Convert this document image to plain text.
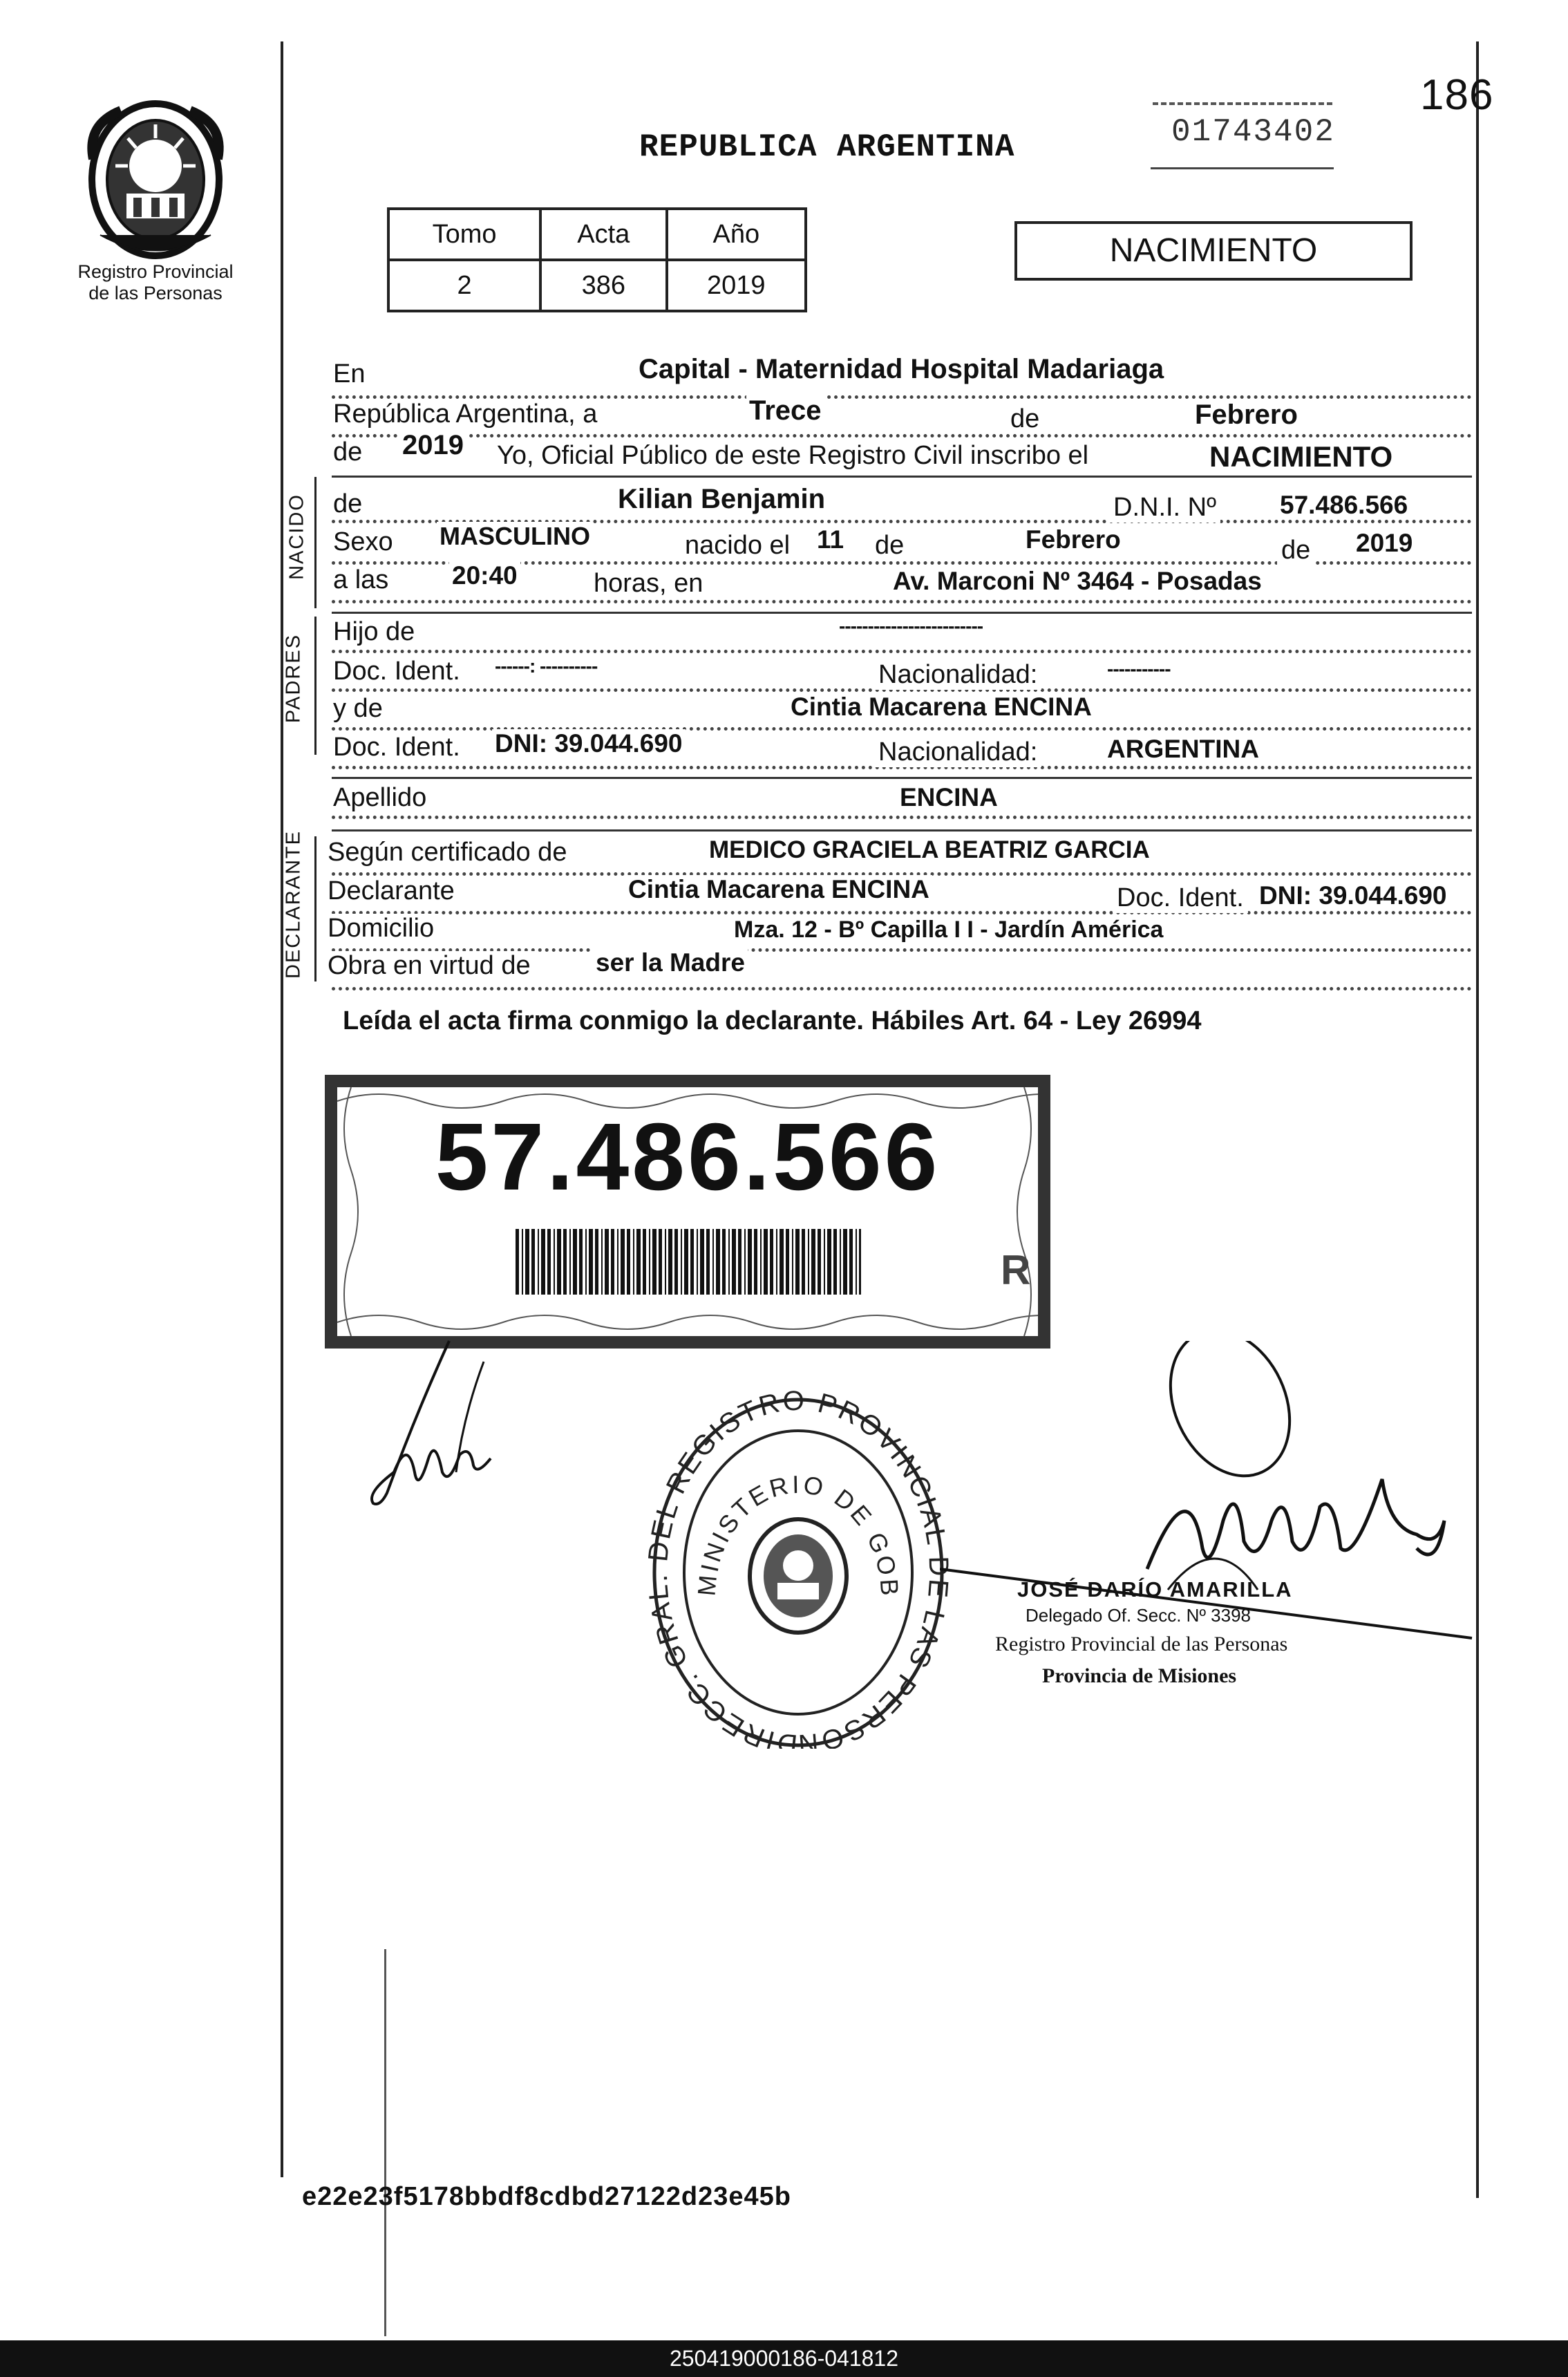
Registro Provincial
de las Personas
186
REPUBLICA ARGENTINA	01743402
Tomo	Acta	Año
2	386	2019
NACIMIENTO
NACIDO
PADRES
DECLARANTE
En	Capital - Maternidad Hospital Madariaga
República Argentina, a	Trece	de	Febrero
de 2019 Yo, Oficial Público de este Registro Civil inscribo el	NACIMIENTO
de	Kilian Benjamin	D.N.I. Nº 57.486.566
Sexo MASCULINO	nacido el 11 de	Febrero	de 2019
a las 20:40	horas, en	Av. Marconi Nº 3464 - Posadas
Hijo de	-------------------------
Doc. Ident. ------: ----------	Nacionalidad:	-----------
y de	Cintia Macarena ENCINA
Doc. Ident. DNI: 39.044.690	Nacionalidad:	ARGENTINA
Apellido	ENCINA
Según certificado de	MEDICO GRACIELA BEATRIZ GARCIA
Declarante	Cintia Macarena ENCINA	Doc. Ident. DNI: 39.044.690
Domicilio	Mza. 12 - Bº Capilla I I - Jardín América
Obra en virtud de	ser la Madre
Leída el acta firma conmigo la declarante. Hábiles Art. 64 - Ley 26994
57.486.566
R
DIRECC. GRA EL REGISTRO PROVINCIAL LAS PERSON
MINISTERIO DE GOB	JOSÉ DARÍO AMARILLA
Delegado Of. Secc. Nº 3398
Registro Provincial de las Personas
Provincia de Misiones
e22e23f5178bbdf8cdbd27122d23e45b
250419000186-041812
